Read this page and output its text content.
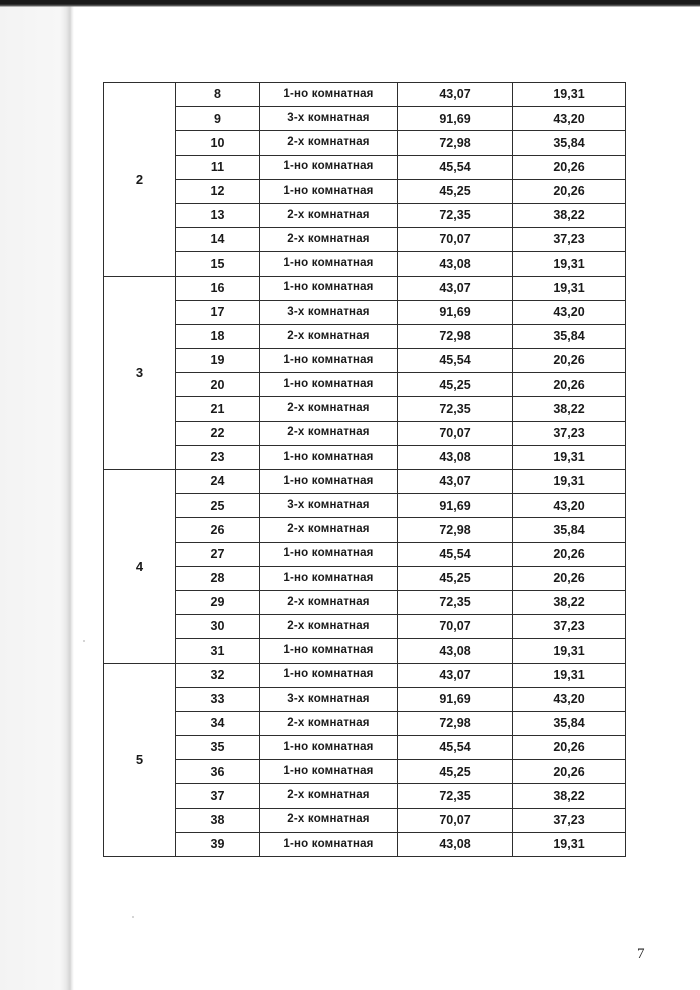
2	8	1-но комнатная	43,07	19,31
	9	3-х комнатная	91,69	43,20
	10	2-х комнатная	72,98	35,84
	11	1-но комнатная	45,54	20,26
	12	1-но комнатная	45,25	20,26
	13	2-х комнатная	72,35	38,22
	14	2-х комнатная	70,07	37,23
	15	1-но комнатная	43,08	19,31
3	16	1-но комнатная	43,07	19,31
	17	3-х комнатная	91,69	43,20
	18	2-х комнатная	72,98	35,84
	19	1-но комнатная	45,54	20,26
	20	1-но комнатная	45,25	20,26
	21	2-х комнатная	72,35	38,22
	22	2-х комнатная	70,07	37,23
	23	1-но комнатная	43,08	19,31
4	24	1-но комнатная	43,07	19,31
	25	3-х комнатная	91,69	43,20
	26	2-х комнатная	72,98	35,84
	27	1-но комнатная	45,54	20,26
	28	1-но комнатная	45,25	20,26
	29	2-х комнатная	72,35	38,22
	30	2-х комнатная	70,07	37,23
	31	1-но комнатная	43,08	19,31
5	32	1-но комнатная	43,07	19,31
	33	3-х комнатная	91,69	43,20
	34	2-х комнатная	72,98	35,84
	35	1-но комнатная	45,54	20,26
	36	1-но комнатная	45,25	20,26
	37	2-х комнатная	72,35	38,22
	38	2-х комнатная	70,07	37,23
	39	1-но комнатная	43,08	19,31
7
